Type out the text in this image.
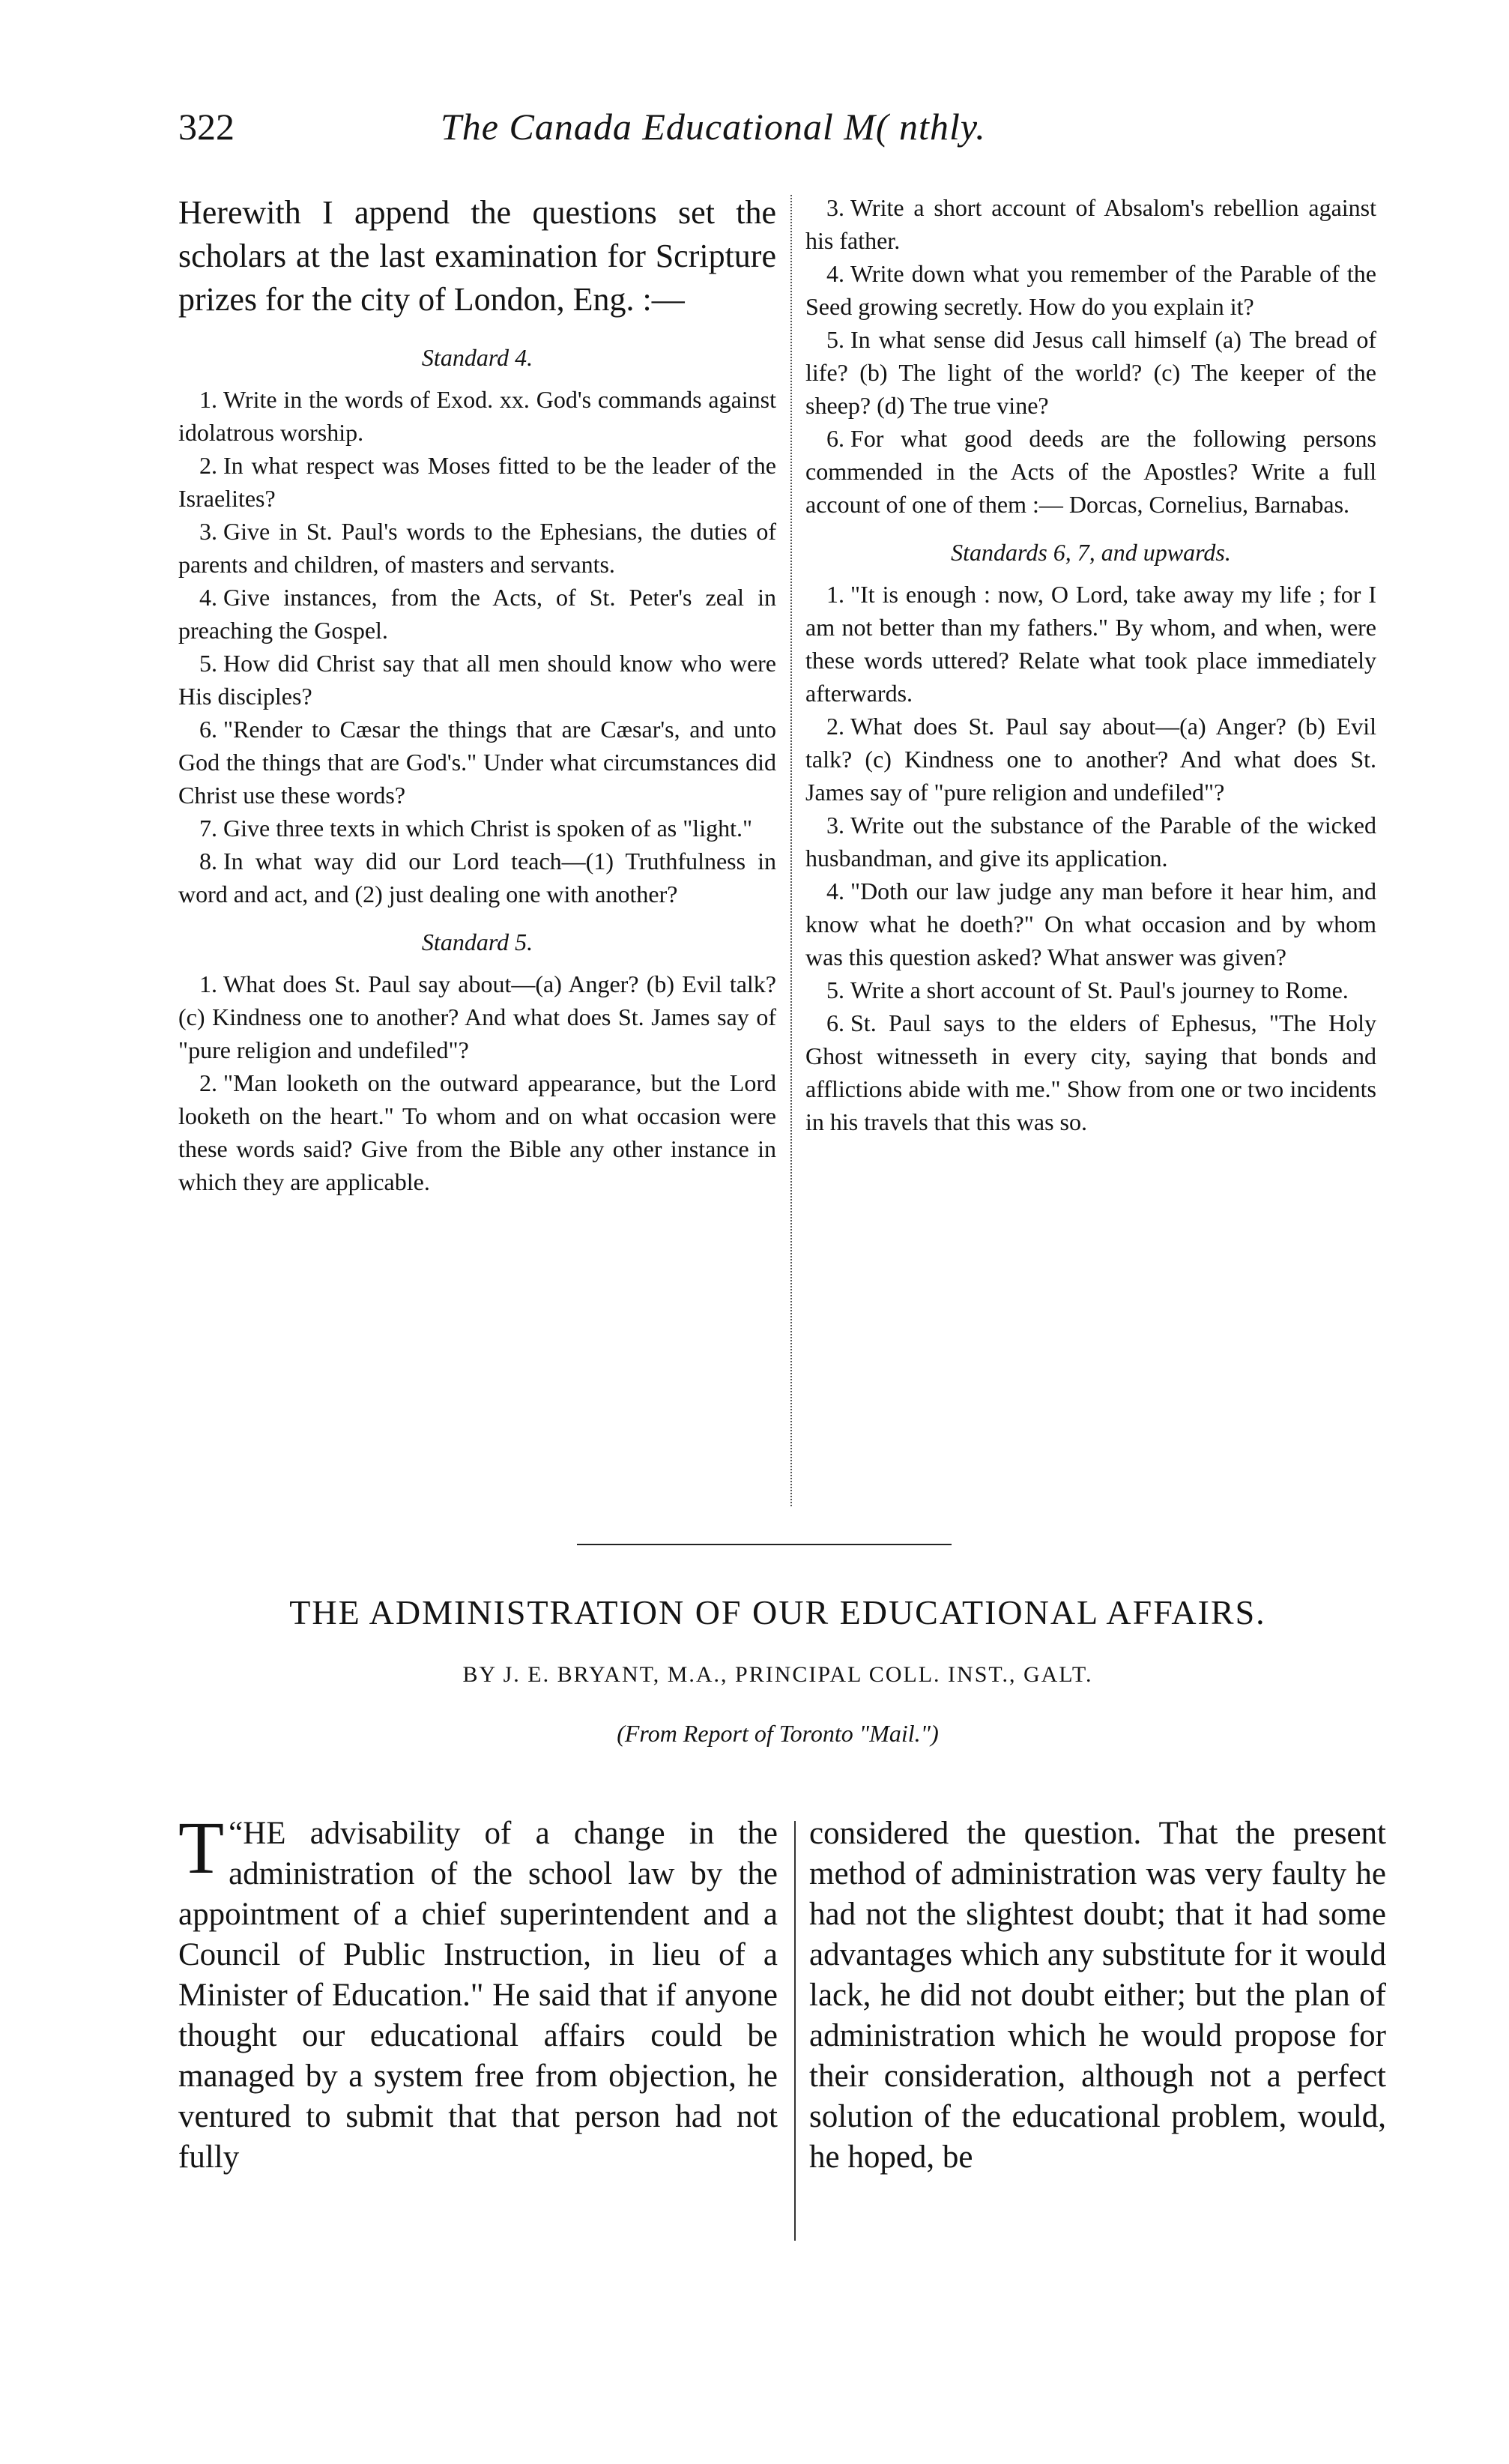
322	The Canada Educational M( nthly.

Herewith I append the questions set the scholars at the last examination for Scripture prizes for the city of London, Eng. :—

Standard 4.

1. Write in the words of Exod. xx. God's commands against idolatrous worship.

2. In what respect was Moses fitted to be the leader of the Israelites?

3. Give in St. Paul's words to the Ephesians, the duties of parents and children, of masters and servants.

4. Give instances, from the Acts, of St. Peter's zeal in preaching the Gospel.

5. How did Christ say that all men should know who were His disciples?

6. "Render to Cæsar the things that are Cæsar's, and unto God the things that are God's." Under what circumstances did Christ use these words?

7. Give three texts in which Christ is spoken of as "light."

8. In what way did our Lord teach—(1) Truthfulness in word and act, and (2) just dealing one with another?

Standard 5.

1. What does St. Paul say about—(a) Anger? (b) Evil talk? (c) Kindness one to another? And what does St. James say of "pure religion and undefiled"?

2. "Man looketh on the outward appearance, but the Lord looketh on the heart." To whom and on what occasion were these words said? Give from the Bible any other instance in which they are applicable.

3. Write a short account of Absalom's rebellion against his father.

4. Write down what you remember of the Parable of the Seed growing secretly. How do you explain it?

5. In what sense did Jesus call himself (a) The bread of life? (b) The light of the world? (c) The keeper of the sheep? (d) The true vine?

6. For what good deeds are the following persons commended in the Acts of the Apostles? Write a full account of one of them :— Dorcas, Cornelius, Barnabas.

Standards 6, 7, and upwards.

1. "It is enough : now, O Lord, take away my life ; for I am not better than my fathers." By whom, and when, were these words uttered? Relate what took place immediately afterwards.

2. What does St. Paul say about—(a) Anger? (b) Evil talk? (c) Kindness one to another? And what does St. James say of "pure religion and undefiled"?

3. Write out the substance of the Parable of the wicked husbandman, and give its application.

4. "Doth our law judge any man before it hear him, and know what he doeth?" On what occasion and by whom was this question asked? What answer was given?

5. Write a short account of St. Paul's journey to Rome.

6. St. Paul says to the elders of Ephesus, "The Holy Ghost witnesseth in every city, saying that bonds and afflictions abide with me." Show from one or two incidents in his travels that this was so.

THE ADMINISTRATION OF OUR EDUCATIONAL AFFAIRS.
BY J. E. BRYANT, M.A., PRINCIPAL COLL. INST., GALT.
(From Report of Toronto "Mail.")
“
T HE advisability of a change in the administration of the school law by the appointment of a chief superintendent and a Council of Public Instruction, in lieu of a Minister of Education." He said that if anyone thought our educational affairs could be managed by a system free from objection, he ventured to submit that that person had not fully
considered the question. That the present method of administration was very faulty he had not the slightest doubt; that it had some advantages which any substitute for it would lack, he did not doubt either; but the plan of administration which he would propose for their consideration, although not a perfect solution of the educational problem, would, he hoped, be
